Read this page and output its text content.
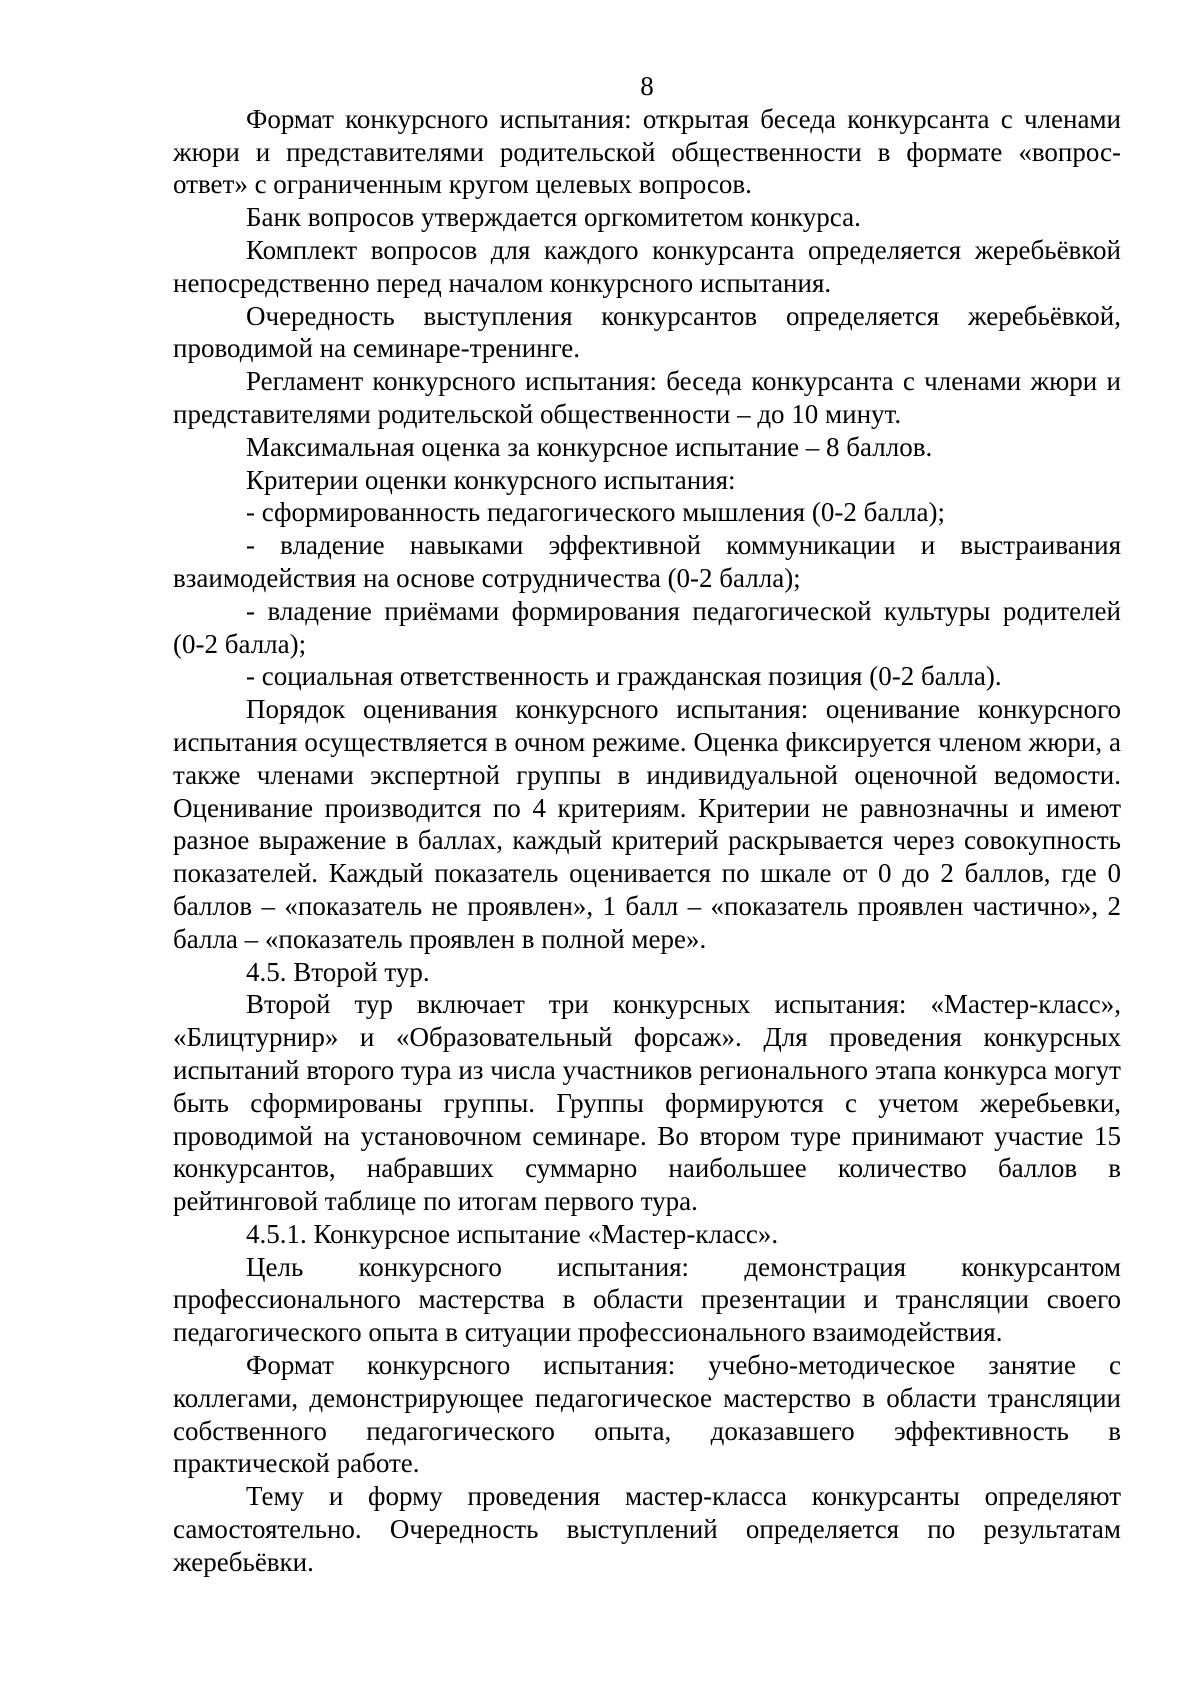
8

Формат конкурсного испытания: открытая беседа конкурсанта с членами жюри и представителями родительской общественности в формате «вопрос-ответ» с ограниченным кругом целевых вопросов.

Банк вопросов утверждается оргкомитетом конкурса.

Комплект вопросов для каждого конкурсанта определяется жеребьёвкой непосредственно перед началом конкурсного испытания.

Очередность выступления конкурсантов определяется жеребьёвкой, проводимой на семинаре-тренинге.

Регламент конкурсного испытания: беседа конкурсанта с членами жюри и представителями родительской общественности – до 10 минут.

Максимальная оценка за конкурсное испытание – 8 баллов.

Критерии оценки конкурсного испытания:

- сформированность педагогического мышления (0-2 балла);

- владение навыками эффективной коммуникации и выстраивания взаимодействия на основе сотрудничества (0-2 балла);

- владение приёмами формирования педагогической культуры родителей (0-2 балла);

- социальная ответственность и гражданская позиция (0-2 балла).

Порядок оценивания конкурсного испытания: оценивание конкурсного испытания осуществляется в очном режиме. Оценка фиксируется членом жюри, а также членами экспертной группы в индивидуальной оценочной ведомости. Оценивание производится по 4 критериям. Критерии не равнозначны и имеют разное выражение в баллах, каждый критерий раскрывается через совокупность показателей. Каждый показатель оценивается по шкале от 0 до 2 баллов, где 0 баллов – «показатель не проявлен», 1 балл – «показатель проявлен частично», 2 балла – «показатель проявлен в полной мере».

4.5. Второй тур.

Второй тур включает три конкурсных испытания: «Мастер-класс», «Блицтурнир» и «Образовательный форсаж». Для проведения конкурсных испытаний второго тура из числа участников регионального этапа конкурса могут быть сформированы группы. Группы формируются с учетом жеребьевки, проводимой на установочном семинаре. Во втором туре принимают участие 15 конкурсантов, набравших суммарно наибольшее количество баллов в рейтинговой таблице по итогам первого тура.

4.5.1. Конкурсное испытание «Мастер-класс».

Цель конкурсного испытания: демонстрация конкурсантом профессионального мастерства в области презентации и трансляции своего педагогического опыта в ситуации профессионального взаимодействия.

Формат конкурсного испытания: учебно-методическое занятие с коллегами, демонстрирующее педагогическое мастерство в области трансляции собственного педагогического опыта, доказавшего эффективность в практической работе.

Тему и форму проведения мастер-класса конкурсанты определяют самостоятельно. Очередность выступлений определяется по результатам жеребьёвки.
